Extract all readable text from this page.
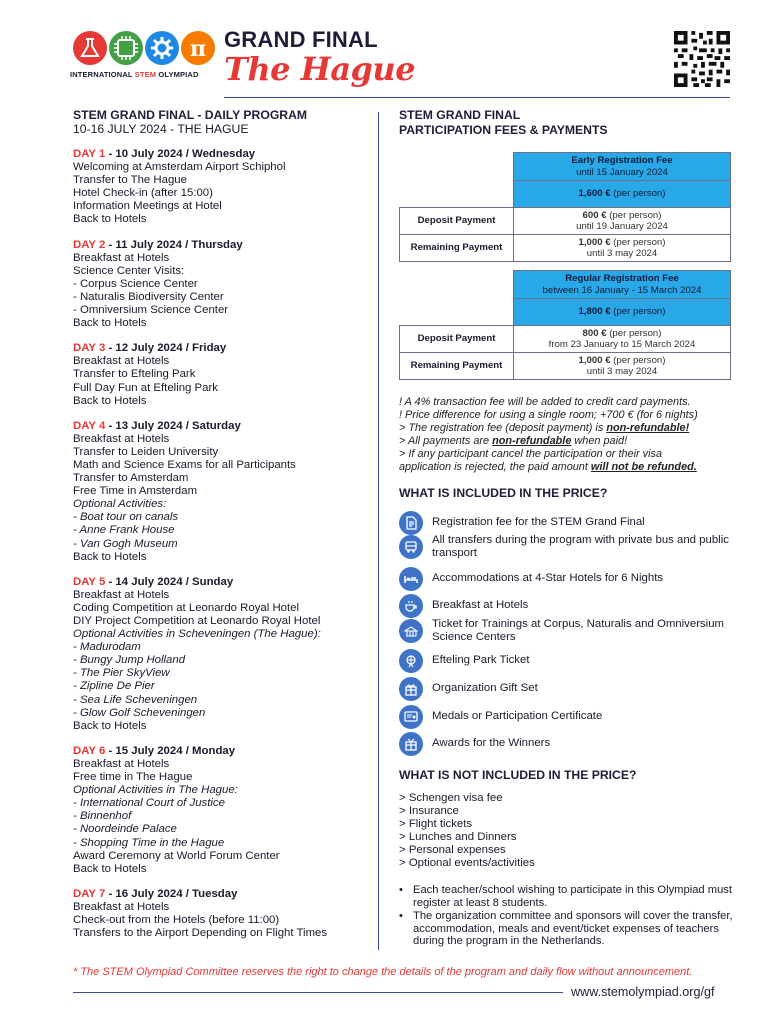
π
INTERNATIONAL STEM OLYMPIAD
GRAND FINAL
The Hague
STEM GRAND FINAL - DAILY PROGRAM
10-16 JULY 2024 - THE HAGUE
DAY 1 - 10 July 2024 / Wednesday
Welcoming at Amsterdam Airport Schiphol
Transfer to The Hague
Hotel Check-in (after 15:00)
Information Meetings at Hotel
Back to Hotels
DAY 2 - 11 July 2024 / Thursday
Breakfast at Hotels
Science Center Visits:
- Corpus Science Center
- Naturalis Biodiversity Center
- Omniversium Science Center
Back to Hotels
DAY 3 - 12 July 2024 / Friday
Breakfast at Hotels
Transfer to Efteling Park
Full Day Fun at Efteling Park
Back to Hotels
DAY 4 - 13 July 2024 / Saturday
Breakfast at Hotels
Transfer to Leiden University
Math and Science Exams for all Participants
Transfer to Amsterdam
Free Time in Amsterdam
Optional Activities:
- Boat tour on canals
- Anne Frank House
- Van Gogh Museum
Back to Hotels
DAY 5 - 14 July 2024 / Sunday
Breakfast at Hotels
Coding Competition at Leonardo Royal Hotel
DIY Project Competition at Leonardo Royal Hotel
Optional Activities in Scheveningen (The Hague):
- Madurodam
- Bungy Jump Holland
- The Pier SkyView
- Zipline De Pier
- Sea Life Scheveningen
- Glow Golf Scheveningen
Back to Hotels
DAY 6 - 15 July 2024 / Monday
Breakfast at Hotels
Free time in The Hague
Optional Activities in The Hague:
- International Court of Justice
- Binnenhof
- Noordeinde Palace
- Shopping Time in the Hague
Award Ceremony at World Forum Center
Back to Hotels
DAY 7 - 16 July 2024 / Tuesday
Breakfast at Hotels
Check-out from the Hotels (before 11:00)
Transfers to the Airport Depending on Flight Times
STEM GRAND FINAL
PARTICIPATION FEES & PAYMENTS

	Early Registration Fee
until 15 January 2024

	1,600 € (per person)
Deposit Payment	600 € (per person)
until 19 January 2024

Remaining Payment	1,000 € (per person)
until 3 may 2024

	Regular Registration Fee
between 16 January - 15 March 2024

	1,800 € (per person)
Deposit Payment	800 € (per person)
from 23 January to 15 March 2024

Remaining Payment	1,000 € (per person)
until 3 may 2024
! A 4% transaction fee will be added to credit card payments.
! Price difference for using a single room; +700 € (for 6 nights)
> The registration fee (deposit payment) is non-refundable!
> All payments are non-refundable when paid!
> If any participant cancel the participation or their visa
application is rejected, the paid amount will not be refunded.
WHAT IS INCLUDED IN THE PRICE?
Registration fee for the STEM Grand Final
All transfers during the program with private bus and public transport
Accommodations at 4-Star Hotels for 6 Nights
Breakfast at Hotels
Ticket for Trainings at Corpus, Naturalis and Omniversium Science Centers
Efteling Park Ticket
Organization Gift Set
Medals or Participation Certificate
Awards for the Winners
WHAT IS NOT INCLUDED IN THE PRICE?
> Schengen visa fee
> Insurance
> Flight tickets
> Lunches and Dinners
> Personal expenses
> Optional events/activities
• Each teacher/school wishing to participate in this Olympiad must register at least 8 students.
• The organization committee and sponsors will cover the transfer, accommodation, meals and event/ticket expenses of teachers during the program in the Netherlands.
* The STEM Olympiad Committee reserves the right to change the details of the program and daily flow without announcement.
www.stemolympiad.org/gf
